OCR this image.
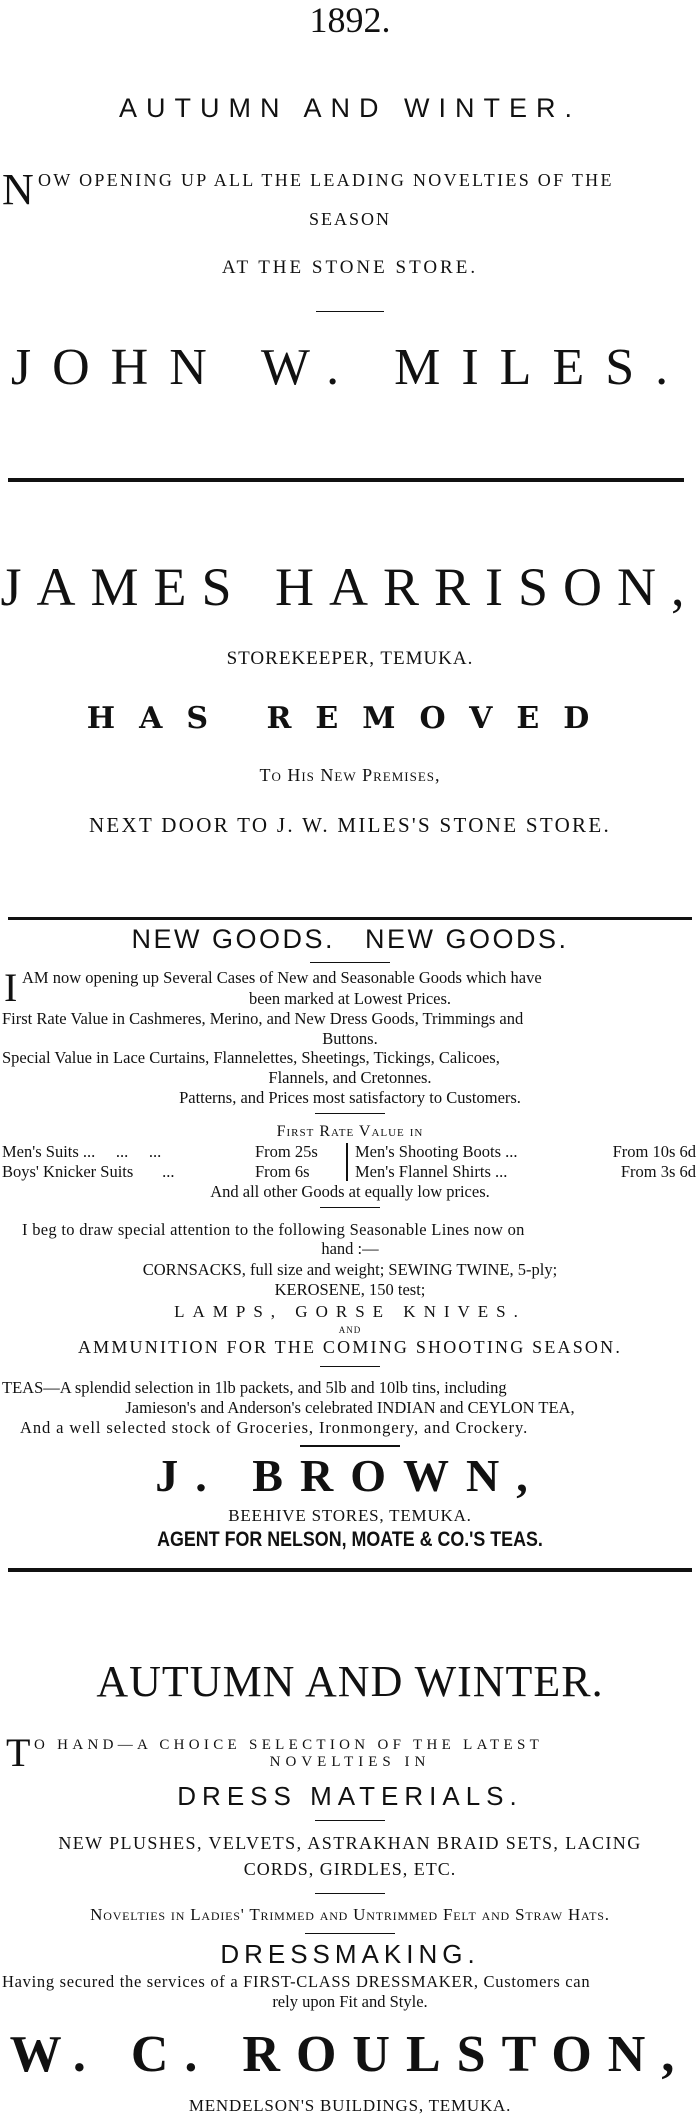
1892.
AUTUMN AND WINTER.
N OW OPENING UP ALL THE LEADING NOVELTIES OF THE
SEASON
AT THE STONE STORE.
JOHN W. MILES.
JAMES HARRISON,
STOREKEEPER, TEMUKA.
HAS REMOVED
To His New Premises,
NEXT DOOR TO J. W. MILES'S STONE STORE.
NEW GOODS.   NEW GOODS.
I AM now opening up Several Cases of New and Seasonable Goods which have
been marked at Lowest Prices.
First Rate Value in Cashmeres, Merino, and New Dress Goods, Trimmings and
Buttons.
Special Value in Lace Curtains, Flannelettes, Sheetings, Tickings, Calicoes,
Flannels, and Cretonnes.
Patterns, and Prices most satisfactory to Customers.
First Rate Value in
Men's Suits ...     ...     ...	From 25s Men's Shooting Boots ...	From 10s 6d
Boys' Knicker Suits       ...	From 6s	Men's Flannel Shirts ...	From 3s 6d
And all other Goods at equally low prices.
I beg to draw special attention to the following Seasonable Lines now on
hand :—
CORNSACKS, full size and weight; SEWING TWINE, 5-ply;
KEROSENE, 150 test;
LAMPS, GORSE KNIVES.
AND
AMMUNITION FOR THE COMING SHOOTING SEASON.
TEAS—A splendid selection in 1lb packets, and 5lb and 10lb tins, including
Jamieson's and Anderson's celebrated INDIAN and CEYLON TEA,
And a well selected stock of Groceries, Ironmongery, and Crockery.
J. BROWN,
BEEHIVE STORES, TEMUKA.
AGENT FOR NELSON, MOATE & CO.'S TEAS.
AUTUMN AND WINTER.
T O HAND—A CHOICE SELECTION OF THE LATEST
NOVELTIES IN
DRESS MATERIALS.
NEW PLUSHES, VELVETS, ASTRAKHAN BRAID SETS, LACING
CORDS, GIRDLES, ETC.
Novelties in Ladies' Trimmed and Untrimmed Felt and Straw Hats.
DRESSMAKING.
Having secured the services of a FIRST-CLASS DRESSMAKER, Customers can
rely upon Fit and Style.
W. C. ROULSTON,
MENDELSON'S BUILDINGS, TEMUKA.
